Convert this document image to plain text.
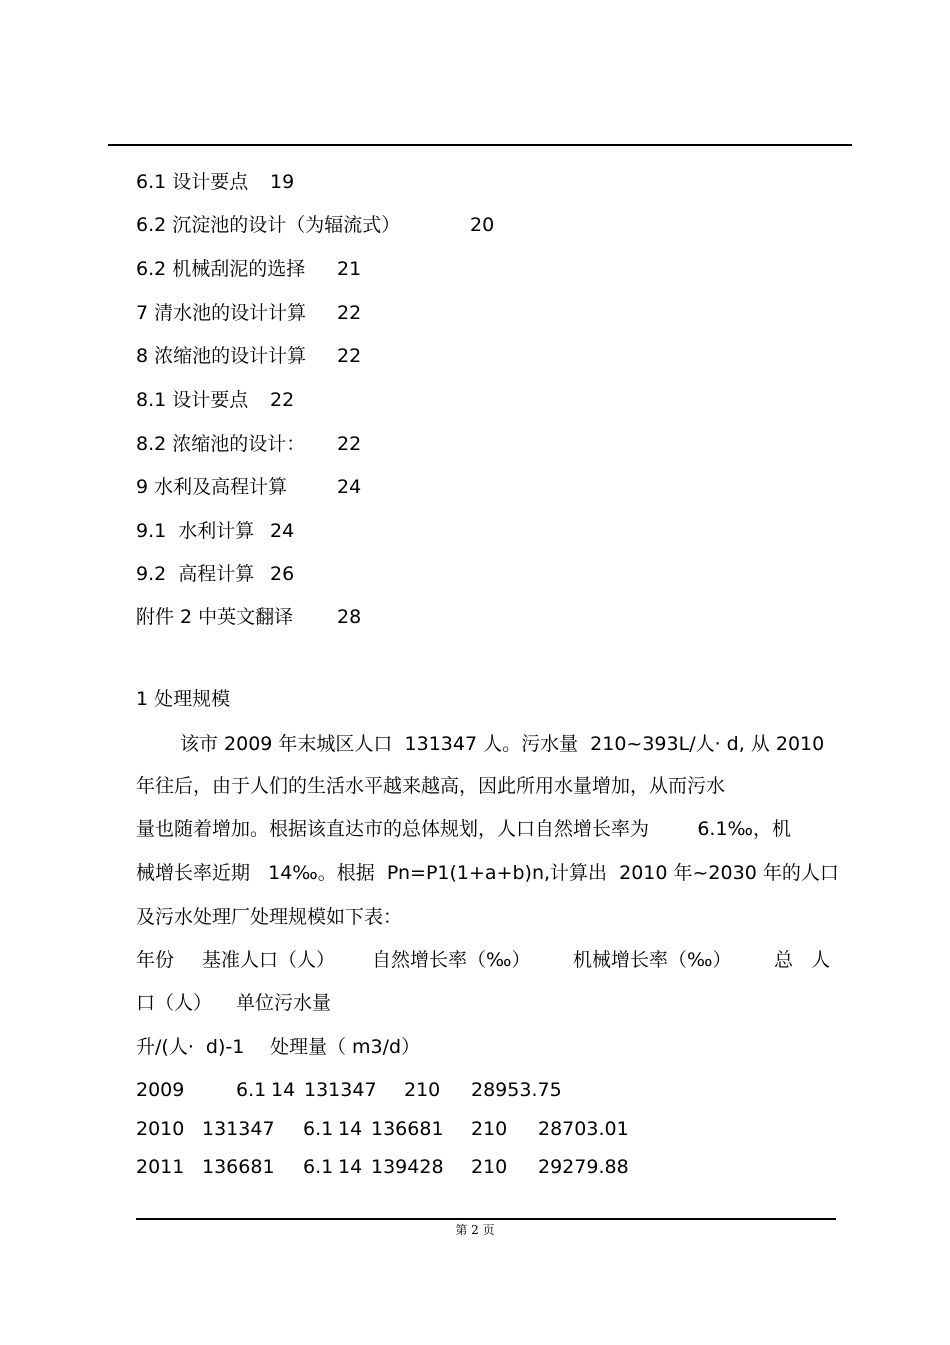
6.1 设计要点 19
6.2 沉淀池的设计（为辐流式）	20
6.2 机械刮泥的选择 21
7 清水池的设计计算 22
8 浓缩池的设计计算 22
8.1 设计要点 22
8.2 浓缩池的设计： 22
9 水利及高程计算	24
9.1  水利计算 24
9.2  高程计算 26
附件 2 中英文翻译 28
1 处理规模
该市 2009 年末城区人口  131347 人。污水量  210~393L/人· d, 从 2010
年往后，由于人们的生活水平越来越高，因此所用水量增加，从而污水
量也随着增加。根据该直达市的总体规划，人口自然增长率为        6.1‰，机
械增长率近期   14‰。根据  Pn=P1(1+a+b)n,计算出  2010 年~2030 年的人口
及污水处理厂处理规模如下表：
年份 基准人口（人） 自然增长率（‰） 机械增长率（‰） 总   人
口（人） 单位污水量
升/(人·  d)-1 处理量（ m3/d）
2009	6.1 14 131347 210 28953.75
2010 131347 6.1 14 136681 210 28703.01
2011 136681 6.1 14 139428 210 29279.88
第 2 页
